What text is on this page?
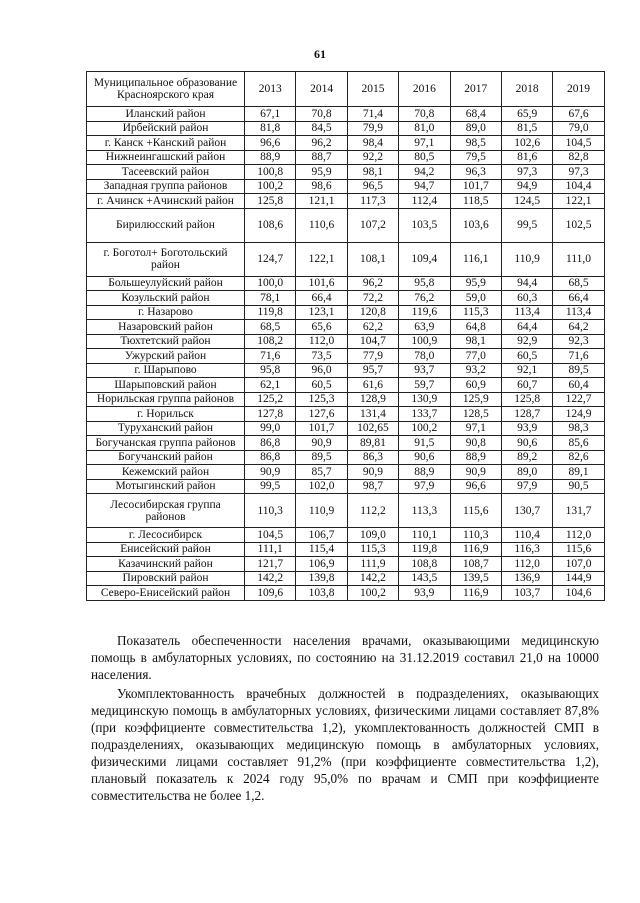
61
Муниципальное образование Красноярского края	2013	2014	2015	2016	2017	2018	2019
Иланский район	67,1	70,8	71,4	70,8	68,4	65,9	67,6
Ирбейский район	81,8	84,5	79,9	81,0	89,0	81,5	79,0
г. Канск +Канский район	96,6	96,2	98,4	97,1	98,5	102,6	104,5
Нижнеингашский район	88,9	88,7	92,2	80,5	79,5	81,6	82,8
Тасеевский район	100,8	95,9	98,1	94,2	96,3	97,3	97,3
Западная группа районов	100,2	98,6	96,5	94,7	101,7	94,9	104,4
г. Ачинск +Ачинский район	125,8	121,1	117,3	112,4	118,5	124,5	122,1
Бирилюсский район	108,6	110,6	107,2	103,5	103,6	99,5	102,5
г. Боготол+ Боготольский район	124,7	122,1	108,1	109,4	116,1	110,9	111,0
Большеулуйский район	100,0	101,6	96,2	95,8	95,9	94,4	68,5
Козульский район	78,1	66,4	72,2	76,2	59,0	60,3	66,4
г. Назарово	119,8	123,1	120,8	119,6	115,3	113,4	113,4
Назаровский район	68,5	65,6	62,2	63,9	64,8	64,4	64,2
Тюхтетский район	108,2	112,0	104,7	100,9	98,1	92,9	92,3
Ужурский район	71,6	73,5	77,9	78,0	77,0	60,5	71,6
г. Шарыпово	95,8	96,0	95,7	93,7	93,2	92,1	89,5
Шарыповский район	62,1	60,5	61,6	59,7	60,9	60,7	60,4
Норильская группа районов	125,2	125,3	128,9	130,9	125,9	125,8	122,7
г. Норильск	127,8	127,6	131,4	133,7	128,5	128,7	124,9
Туруханский район	99,0	101,7	102,65	100,2	97,1	93,9	98,3
Богучанская группа районов	86,8	90,9	89,81	91,5	90,8	90,6	85,6
Богучанский район	86,8	89,5	86,3	90,6	88,9	89,2	82,6
Кежемский район	90,9	85,7	90,9	88,9	90,9	89,0	89,1
Мотыгинский район	99,5	102,0	98,7	97,9	96,6	97,9	90,5
Лесосибирская группа районов	110,3	110,9	112,2	113,3	115,6	130,7	131,7
г. Лесосибирск	104,5	106,7	109,0	110,1	110,3	110,4	112,0
Енисейский район	111,1	115,4	115,3	119,8	116,9	116,3	115,6
Казачинский район	121,7	106,9	111,9	108,8	108,7	112,0	107,0
Пировский район	142,2	139,8	142,2	143,5	139,5	136,9	144,9
Северо-Енисейский район	109,6	103,8	100,2	93,9	116,9	103,7	104,6

Показатель обеспеченности населения врачами, оказывающими медицинскую помощь в амбулаторных условиях, по состоянию на 31.12.2019 составил 21,0 на 10000 населения.

Укомплектованность врачебных должностей в подразделениях, оказывающих медицинскую помощь в амбулаторных условиях, физическими лицами составляет 87,8% (при коэффициенте совместительства 1,2), укомплектованность должностей СМП в подразделениях, оказывающих медицинскую помощь в амбулаторных условиях, физическими лицами составляет 91,2% (при коэффициенте совместительства 1,2), плановый показатель к 2024 году 95,0% по врачам и СМП при коэффициенте совместительства не более 1,2.
